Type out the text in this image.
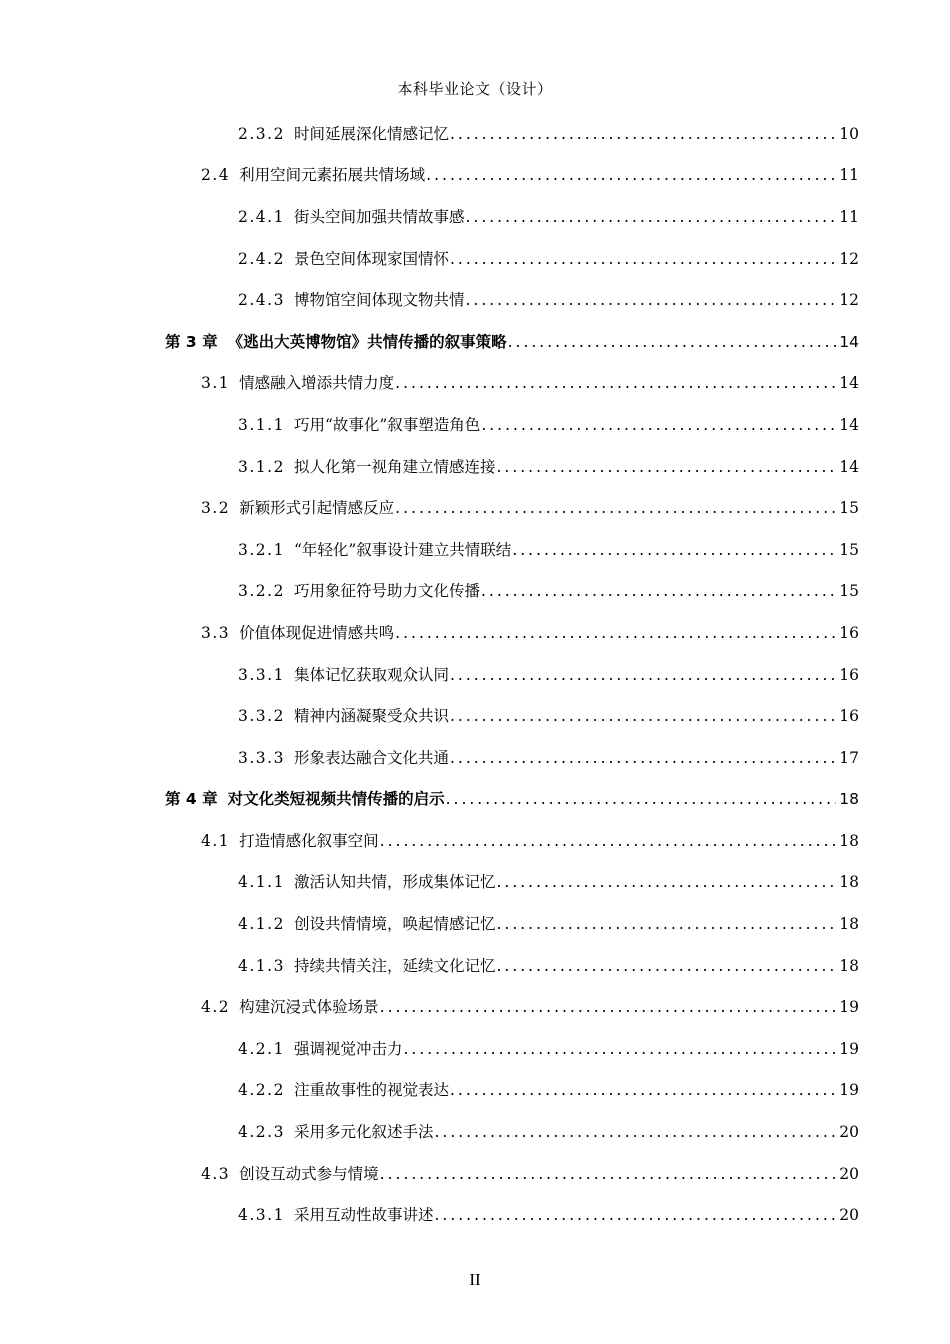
本科毕业论文（设计）
2.3.2 时间延展深化情感记忆 .....	10
2.4 利用空间元素拓展共情场域 .....	11
2.4.1 街头空间加强共情故事感 .....	11
2.4.2 景色空间体现家国情怀 .....	12
2.4.3 博物馆空间体现文物共情 .....	12
第 3 章 《逃出大英博物馆》共情传播的叙事策略 .....	14
3.1 情感融入增添共情力度 .....	14
3.1.1 巧用“故事化”叙事塑造角色 .....	14
3.1.2 拟人化第一视角建立情感连接 .....	14
3.2 新颖形式引起情感反应 .....	15
3.2.1 “年轻化”叙事设计建立共情联结 .....	15
3.2.2 巧用象征符号助力文化传播 .....	15
3.3 价值体现促进情感共鸣 .....	16
3.3.1 集体记忆获取观众认同 .....	16
3.3.2 精神内涵凝聚受众共识 .....	16
3.3.3 形象表达融合文化共通 .....	17
第 4 章 对文化类短视频共情传播的启示 .....	18
4.1 打造情感化叙事空间 .....	18
4.1.1 激活认知共情，形成集体记忆 .....	18
4.1.2 创设共情情境，唤起情感记忆 .....	18
4.1.3 持续共情关注，延续文化记忆 .....	18
4.2 构建沉浸式体验场景 .....	19
4.2.1 强调视觉冲击力 .....	19
4.2.2 注重故事性的视觉表达 .....	19
4.2.3 采用多元化叙述手法 .....	20
4.3 创设互动式参与情境 .....	20
4.3.1 采用互动性故事讲述 .....	20
II
